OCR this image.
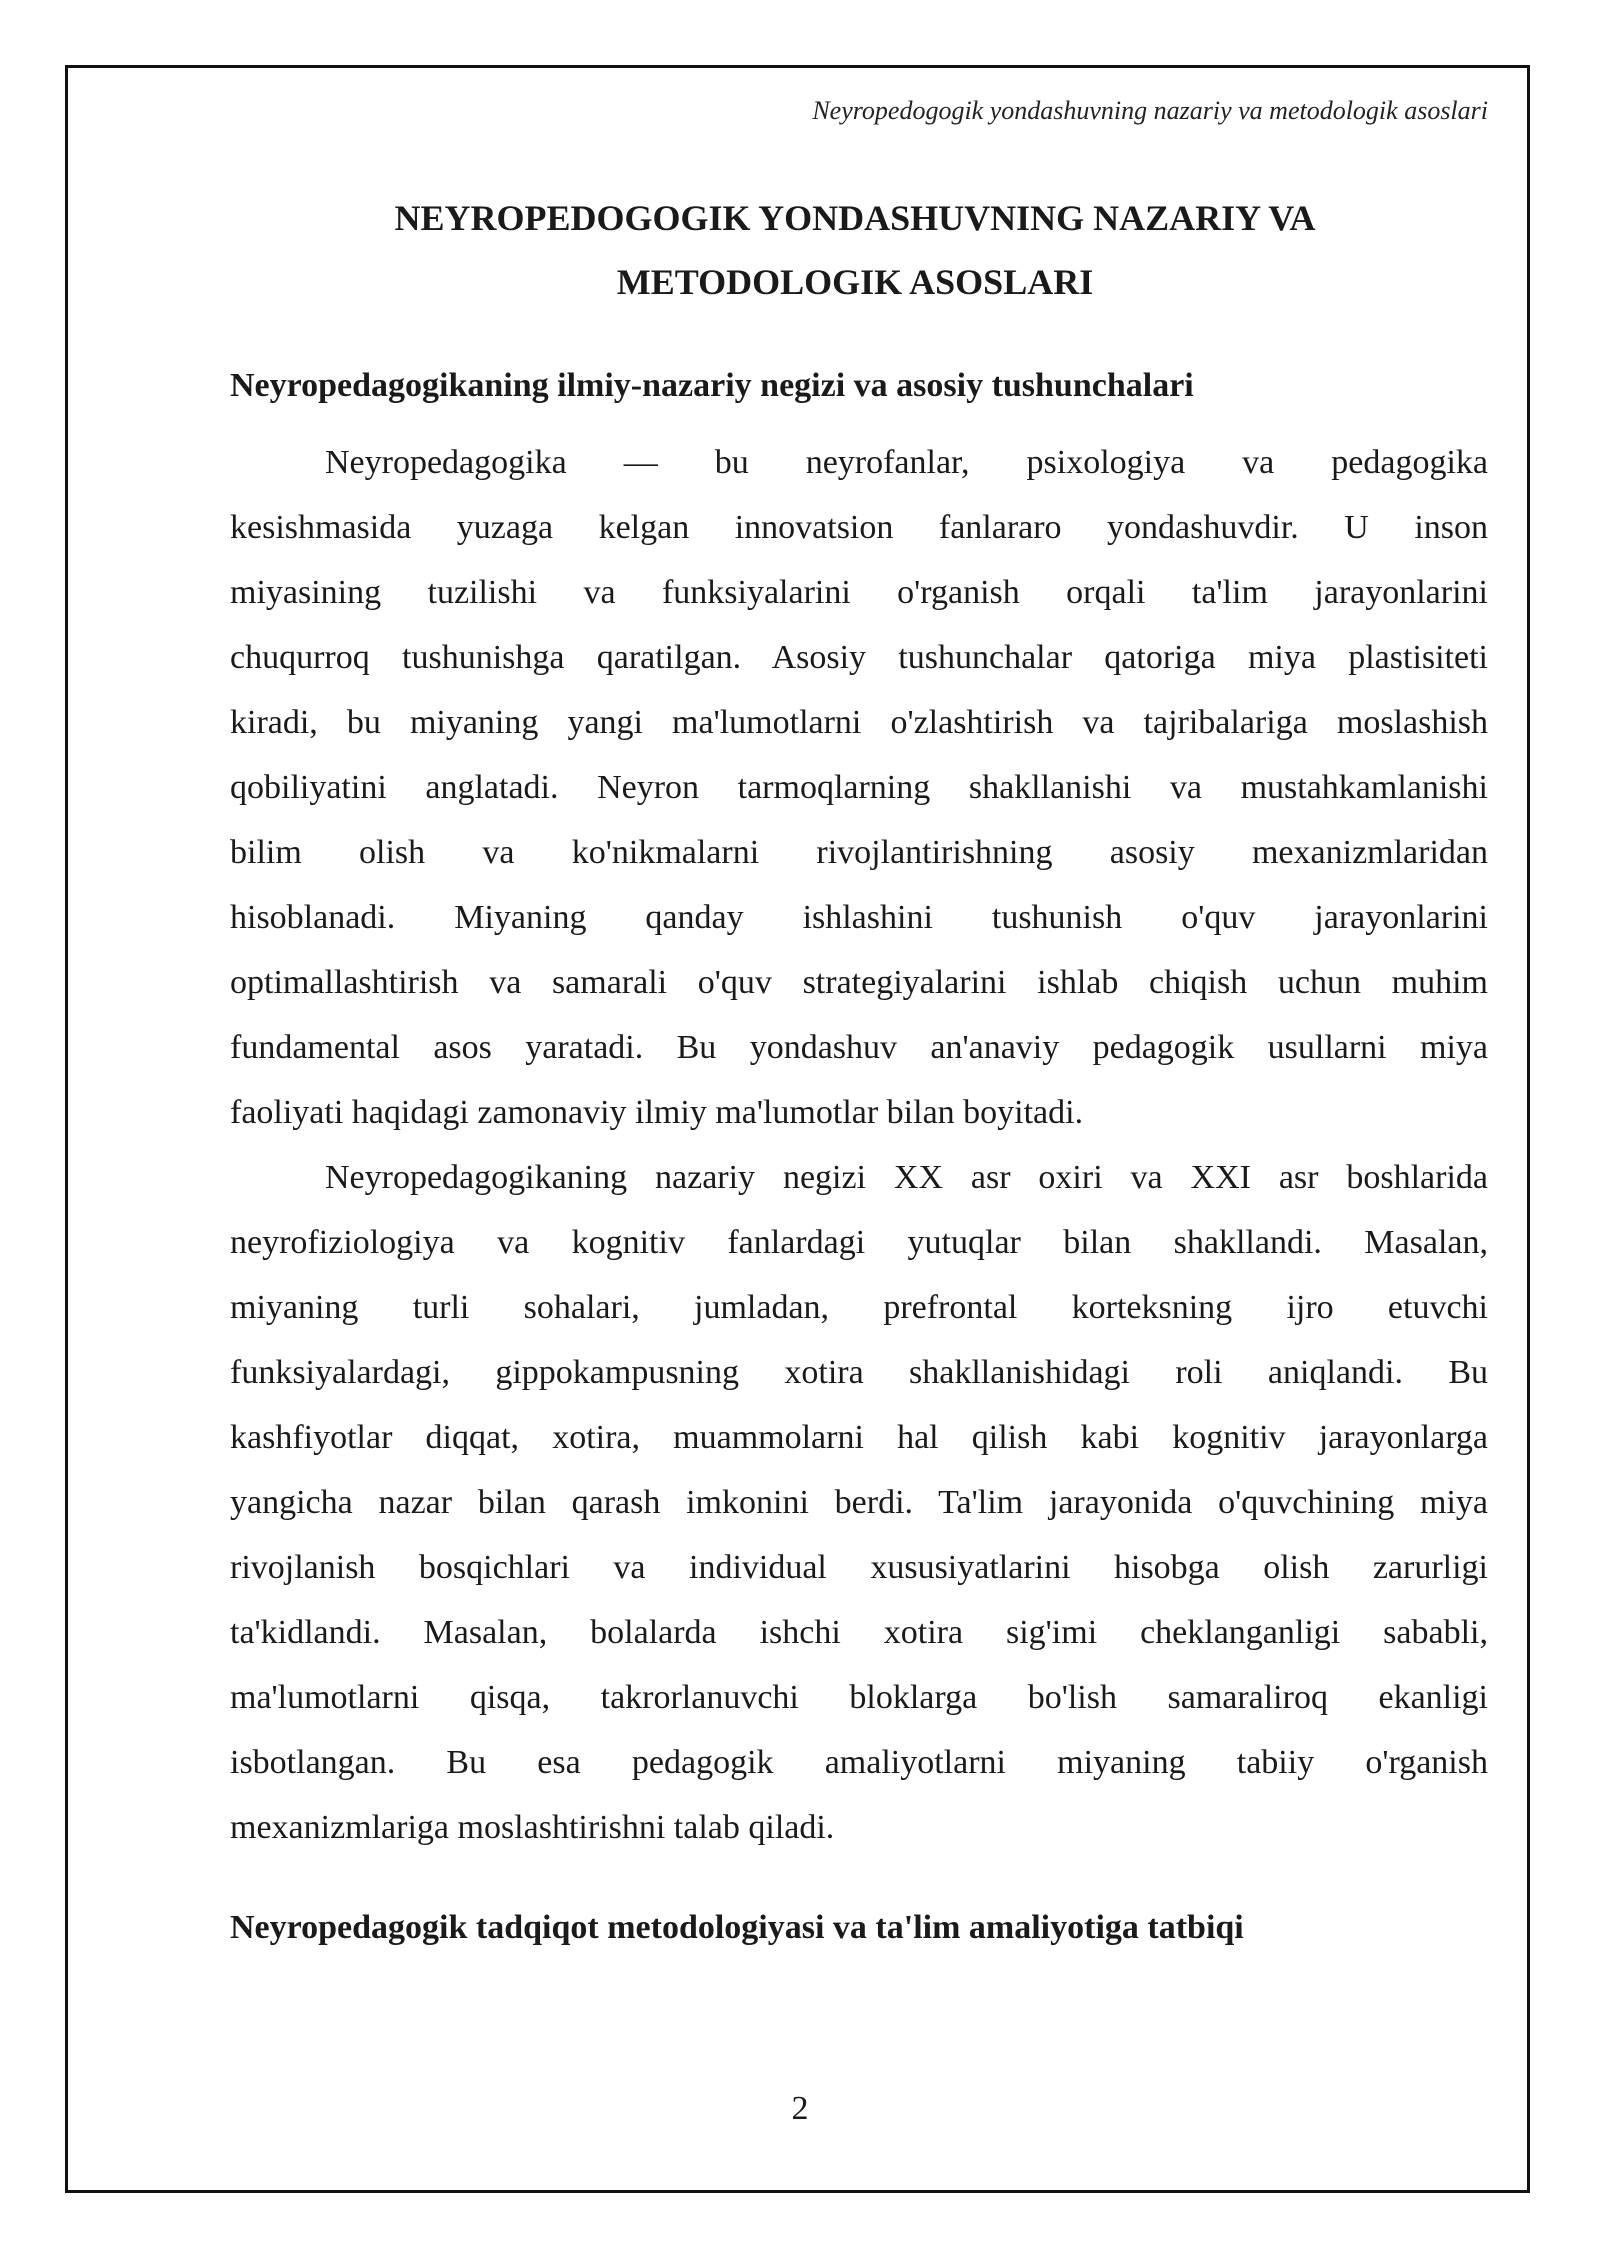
Neyropedogogik yondashuvning nazariy va metodologik asoslari
NEYROPEDOGOGIK YONDASHUVNING NAZARIY VA
METODOLOGIK ASOSLARI
Neyropedagogikaning ilmiy-nazariy negizi va asosiy tushunchalari
Neyropedagogika — bu neyrofanlar, psixologiya va pedagogika
kesishmasida yuzaga kelgan innovatsion fanlararo yondashuvdir. U inson
miyasining tuzilishi va funksiyalarini o'rganish orqali ta'lim jarayonlarini
chuqurroq tushunishga qaratilgan. Asosiy tushunchalar qatoriga miya plastisiteti
kiradi, bu miyaning yangi ma'lumotlarni o'zlashtirish va tajribalariga moslashish
qobiliyatini anglatadi. Neyron tarmoqlarning shakllanishi va mustahkamlanishi
bilim olish va ko'nikmalarni rivojlantirishning asosiy mexanizmlaridan
hisoblanadi. Miyaning qanday ishlashini tushunish o'quv jarayonlarini
optimallashtirish va samarali o'quv strategiyalarini ishlab chiqish uchun muhim
fundamental asos yaratadi. Bu yondashuv an'anaviy pedagogik usullarni miya
faoliyati haqidagi zamonaviy ilmiy ma'lumotlar bilan boyitadi.
Neyropedagogikaning nazariy negizi XX asr oxiri va XXI asr boshlarida
neyrofiziologiya va kognitiv fanlardagi yutuqlar bilan shakllandi. Masalan,
miyaning turli sohalari, jumladan, prefrontal korteksning ijro etuvchi
funksiyalardagi, gippokampusning xotira shakllanishidagi roli aniqlandi. Bu
kashfiyotlar diqqat, xotira, muammolarni hal qilish kabi kognitiv jarayonlarga
yangicha nazar bilan qarash imkonini berdi. Ta'lim jarayonida o'quvchining miya
rivojlanish bosqichlari va individual xususiyatlarini hisobga olish zarurligi
ta'kidlandi. Masalan, bolalarda ishchi xotira sig'imi cheklanganligi sababli,
ma'lumotlarni qisqa, takrorlanuvchi bloklarga bo'lish samaraliroq ekanligi
isbotlangan. Bu esa pedagogik amaliyotlarni miyaning tabiiy o'rganish
mexanizmlariga moslashtirishni talab qiladi.
Neyropedagogik tadqiqot metodologiyasi va ta'lim amaliyotiga tatbiqi
2
